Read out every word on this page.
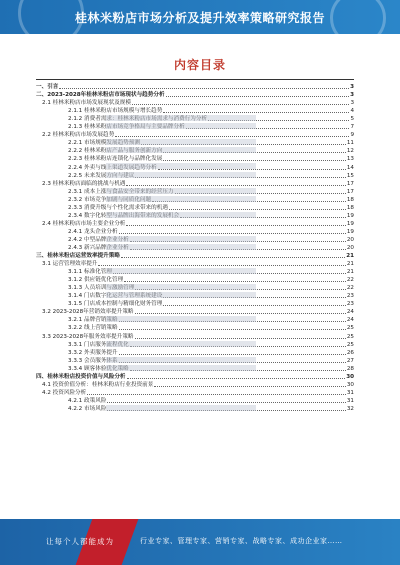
桂林米粉店市场分析及提升效率策略研究报告
内容目录
一、引言	3
二、2023-2028年桂林米粉店市场现状与趋势分析	3
2.1 桂林米粉店市场发展现状及规模	3
2.1.1 桂林米粉店市场规模与增长趋势	4
2.1.2 消费者需求：桂林米粉店市场需求与消费行为分析	5
2.1.3 桂林米粉店市场竞争格局与主要品牌分析	7
2.2 桂林米粉店市场发展趋势	9
2.2.1 市场规模发展趋势预测	11
2.2.2 桂林米粉店产品与服务创新方向	12
2.2.3 桂林米粉店连锁化与品牌化发展	13
2.2.4 外卖与线上渠道发展趋势分析	14
2.2.5 未来发展方向与建议	15
2.3 桂林米粉店面临的挑战与机遇	17
2.3.1 成本上涨与食品安全带来的经营压力	17
2.3.2 市场竞争加剧与同质化问题	18
2.3.3 消费升级与个性化需求带来的机遇	18
2.3.4 数字化转型与品牌出海带来的发展机会	19
2.4 桂林米粉店市场主要企业分析	19
2.4.1 龙头企业分析	19
2.4.2 中型品牌企业分析	20
2.4.3 新兴品牌企业分析	20
三、桂林米粉店运营效率提升策略	21
3.1 运营管理效率提升	21
3.1.1 标准化管理	21
3.1.2 供应链优化管理	22
3.1.3 人员培训与激励管理	22
3.1.4 门店数字化运营与管理系统建设	23
3.1.5 门店成本控制与精细化财务管理	23
3.2 2023-2028年营销效率提升策略	24
3.2.1 品牌营销策略	24
3.2.2 线上营销策略	25
3.3 2023-2028年服务效率提升策略	25
3.3.1 门店服务流程优化	25
3.3.2 外卖服务提升	26
3.3.3 会员服务体系	27
3.3.4 顾客体验优化策略	28
四、桂林米粉店投资价值与风险分析	30
4.1 投资价值分析：桂林米粉店行业投资前景	30
4.2 投资风险分析	31
4.2.1 政策风险	31
4.2.2 市场风险	32
让每个人都能成为	行业专家、管理专家、营销专家、战略专家、成功企业家……
